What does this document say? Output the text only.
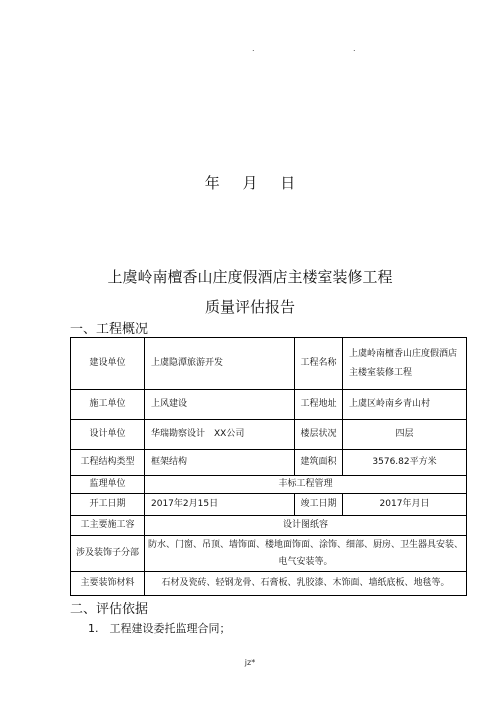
.	.
年 月 日
上虞岭南檀香山庄度假酒店主楼室装修工程
质量评估报告
一、工程概况
建设单位	上虞隐潭旅游开发	工程名称	上虞岭南檀香山庄度假酒店
主楼室装修工程

施工单位	上风建设	工程地址	上虞区岭南乡青山村
设计单位	华瑞勘察设计　XX公司	楼层状况	四层
工程结构类型	框架结构	建筑面积	3576.82平方米
监理单位	丰标工程管理		
开工日期	2017年2月15日	竣工日期	2017年月日
工主要施工容	设计图纸容		
涉及装饰子分部	防水、门窗、吊顶、墙饰面、楼地面饰面、涂饰、细部、厨房、卫生器具安装、
电气安装等。		

主要装饰材料	石材及瓷砖、轻钢龙骨、石膏板、乳胶漆、木饰面、墙纸底板、地毯等。		
二、评估依据
1.　工程建设委托监理合同；
jz*
